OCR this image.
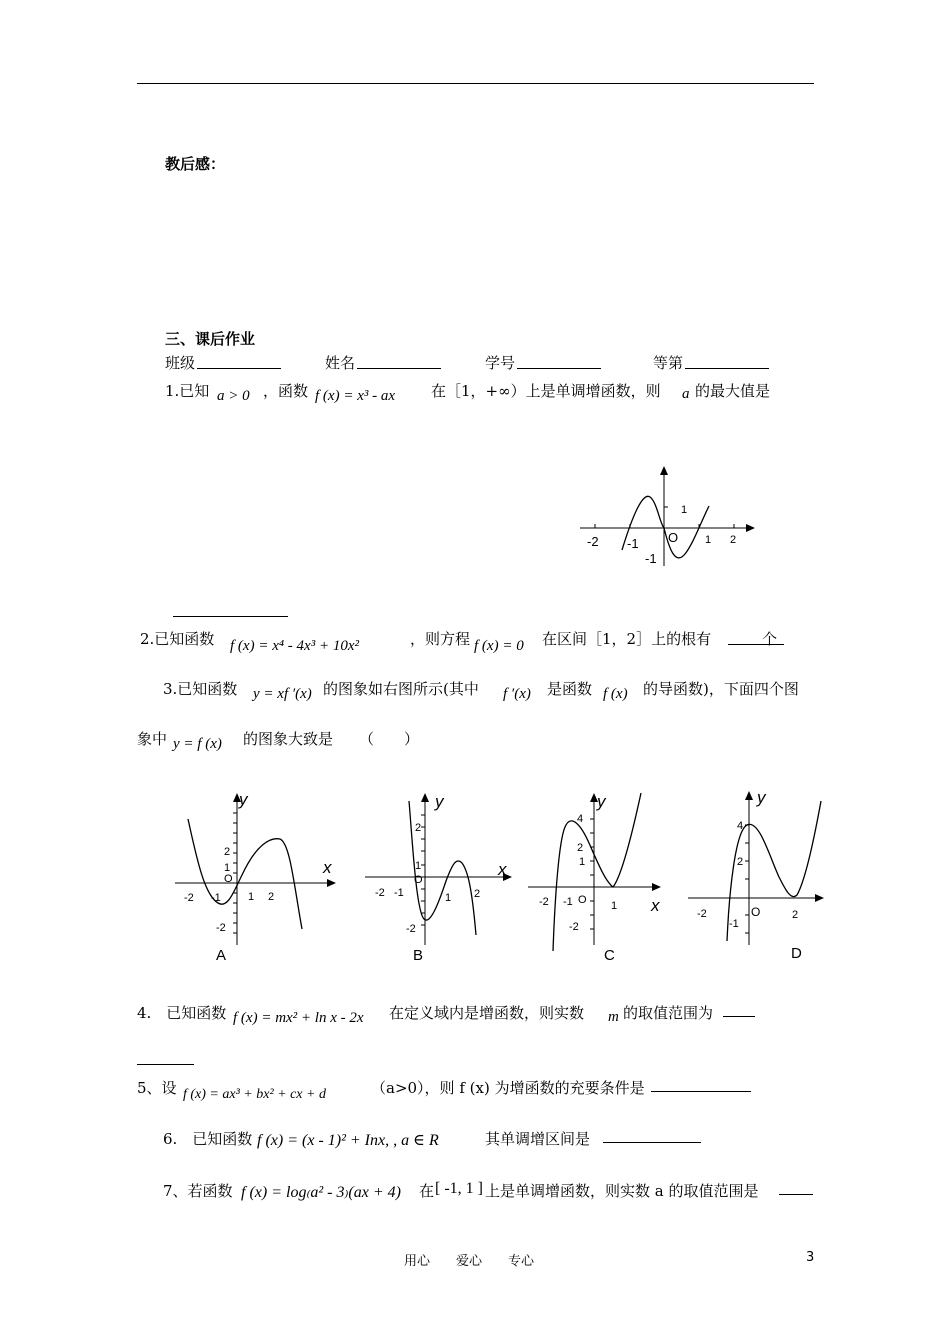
教后感：
三、课后作业
班级	姓名	学号	等第
1.已知 a > 0 ，函数 f (x) = x³ - ax 在［1，+∞）上是单调增函数，则 a 的最大值是
-2 -1 O 1 2
1
-1
2.已知函数 f (x) = x⁴ - 4x³ + 10x²	，则方程 f (x) = 0 在区间［1，2］上的根有	个
3.已知函数 y = xf ′(x) 的图象如右图所示(其中 f ′(x) 是函数 f (x) 的导函数)，下面四个图
象中 y = f (x) 的图象大致是 （　　）
y
x
-2 -1
O
1 2
2
1
-2
A
y
x
-2 -1
O
1 2
2
1
-2
B
y
x
-2 -1 O 1
4
2
1
-2
C
y
-2
-1
O	2
4
2
D
4.　已知函数 f (x) = mx² + ln x - 2x 在定义域内是增函数，则实数 m 的取值范围为
5、设 f (x) = ax³ + bx² + cx + d	（a>0），则 f (x) 为增函数的充要条件是
6.　已知函数 f (x) = (x - 1)² + Inx, , a ∈ R	其单调增区间是
7、若函数 f (x) = log₍a² - 3₎(ax + 4) 在 [ -1, 1 ] 上是单调增函数，则实数 a 的取值范围是
用心　　爱心　　专心	3
